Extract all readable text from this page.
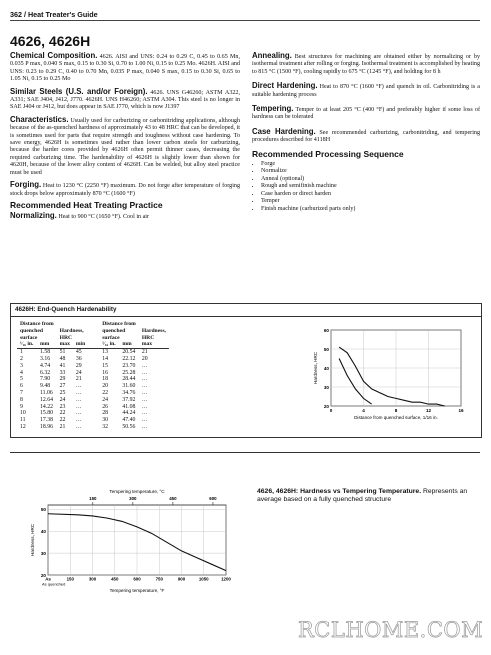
362 / Heat Treater's Guide
4626, 4626H

Chemical Composition. 4626. AISI and UNS: 0.24 to 0.29 C, 0.45 to 0.65 Mn, 0.035 P max, 0.040 S max, 0.15 to 0.30 Si, 0.70 to 1.00 Ni, 0.15 to 0.25 Mo. 4626H. AISI and UNS: 0.23 to 0.29 C, 0.40 to 0.70 Mn, 0.035 P max, 0.040 S max, 0.15 to 0.30 Si, 0.65 to 1.05 Ni, 0.15 to 0.25 Mo

Similar Steels (U.S. and/or Foreign). 4626. UNS G46260; ASTM A322, A331; SAE J404, J412, J770. 4626H. UNS H46260; ASTM A304. This steel is no longer in SAE J404 or J412, but does appear in SAE J770, which is now J1397

Characteristics. Usually used for carburizing or carbonitriding applications, although because of the as-quenched hardness of approximately 43 to 48 HRC that can be developed, it is sometimes used for parts that require strength and toughness without case hardening. To save energy, 4626H is sometimes used rather than lower carbon steels for carburizing, because the harder cores provided by 4626H often permit thinner cases, decreasing the required carburizing time. The hardenability of 4626H is slightly lower than shown for 4620H, because of the lower alloy content of 4626H. Can be welded, but alloy steel practice must be used

Forging. Heat to 1230 °C (2250 °F) maximum. Do not forge after temperature of forging stock drops below approximately 870 °C (1600 °F)

Recommended Heat Treating Practice

Normalizing. Heat to 900 °C (1650 °F). Cool in air

Annealing. Best structures for machining are obtained either by normalizing or by isothermal treatment after rolling or forging. Isothermal treatment is accomplished by heating to 815 °C (1500 °F), cooling rapidly to 675 °C (1245 °F), and holding for 8 h

Direct Hardening. Heat to 870 °C (1600 °F) and quench in oil. Carbonitriding is a suitable hardening process

Tempering. Temper to at least 205 °C (400 °F) and preferably higher if some loss of hardness can be tolerated

Case Hardening. See recommended carburizing, carbonitriding, and tempering procedures described for 4118H

Recommended Processing Sequence
• Forge
• Normalize
• Anneal (optional)
• Rough and semifinish machine
• Case harden or direct harden
• Temper
• Finish machine (carburized parts only)
4626H: End-Quench Hardenability
Distance from				Distance from		
quenched		Hardness,		quenched		Hardness,
surface		HRC		surface		HRC
¹⁄₁₆ in.	mm	max	min	¹⁄₁₆ in.	mm	max
1	1.58	51	45	13	20.54	21
2	3.16	48	36	14	22.12	20
3	4.74	41	29	15	23.70	…
4	6.32	33	24	16	25.28	…
5	7.90	29	21	18	28.44	…
6	9.48	27	…	20	31.60	…
7	11.06	25	…	22	34.76	…
8	12.64	24	…	24	37.92	…
9	14.22	23	…	26	41.08	…
10	15.80	22	…	28	44.24	…
11	17.38	22	…	30	47.40	…
12	18.96	21	…	32	50.56	…
20
30
40
50
60
0	4	8	12	16
Hardness, HRC
Distance from quenched surface, 1/16 in.
20
30
40
50
As	150	300	450	600	750	900	1050	1200
As quenched
150	300	450	600
Tempering temperature, °C
Tempering temperature, °F
Hardness, HRC
4626, 4626H: Hardness vs Tempering Temperature. Represents an average based on a fully quenched structure
RCLHOME.COM
